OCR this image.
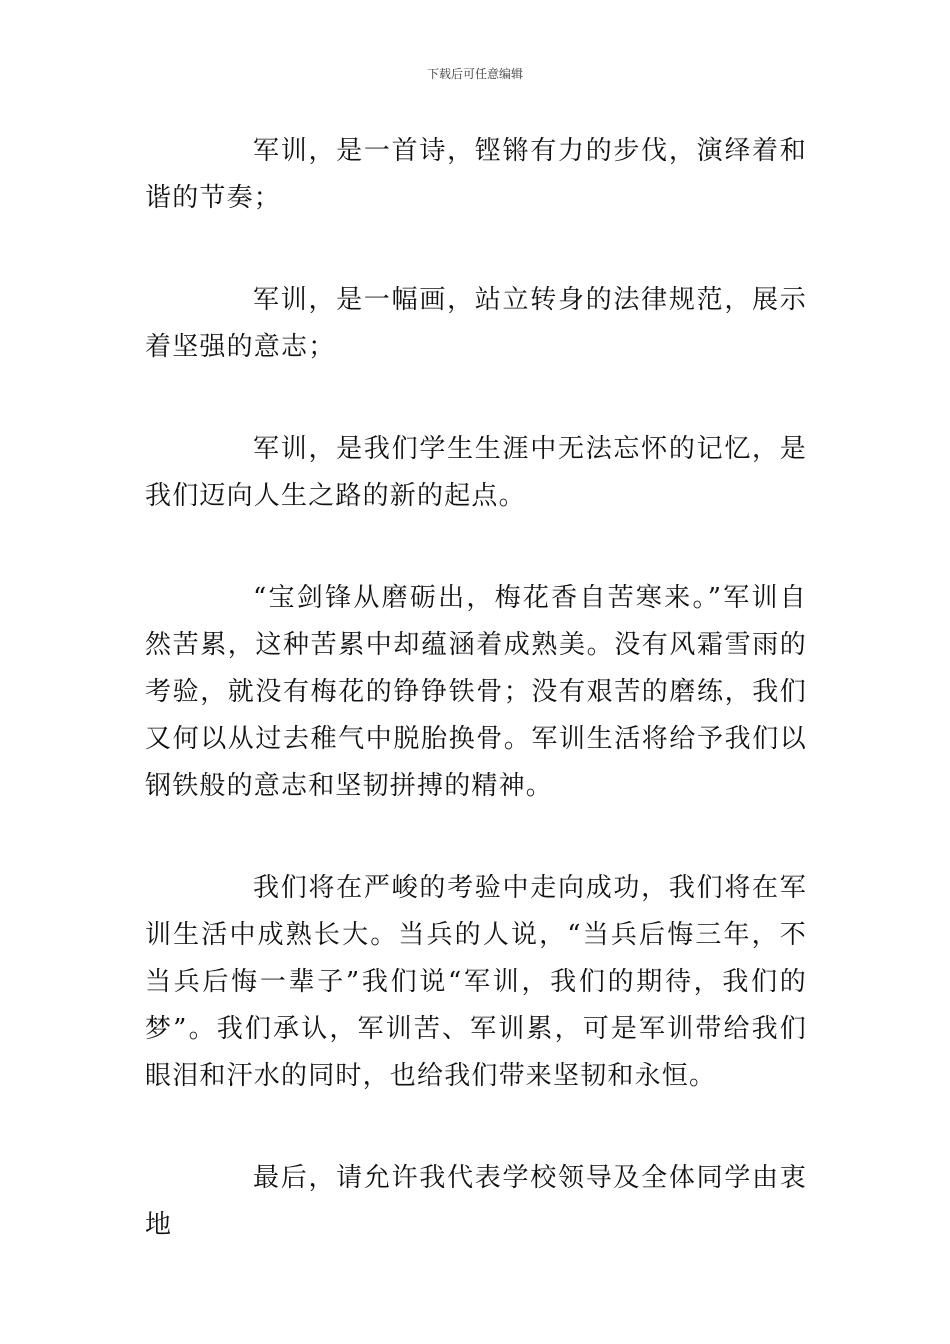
下载后可任意编辑

军训，是一首诗，铿锵有力的步伐，演绎着和谐的节奏；

军训，是一幅画，站立转身的法律规范，展示着坚强的意志；

军训，是我们学生生涯中无法忘怀的记忆，是我们迈向人生之路的新的起点。

“宝剑锋从磨砺出，梅花香自苦寒来。”军训自然苦累，这种苦累中却蕴涵着成熟美。没有风霜雪雨的考验，就没有梅花的铮铮铁骨；没有艰苦的磨练，我们又何以从过去稚气中脱胎换骨。军训生活将给予我们以钢铁般的意志和坚韧拼搏的精神。

我们将在严峻的考验中走向成功，我们将在军训生活中成熟长大。当兵的人说，“当兵后悔三年，不当兵后悔一辈子”我们说“军训，我们的期待，我们的梦”。我们承认，军训苦、军训累，可是军训带给我们眼泪和汗水的同时，也给我们带来坚韧和永恒。

最后，请允许我代表学校领导及全体同学由衷地
